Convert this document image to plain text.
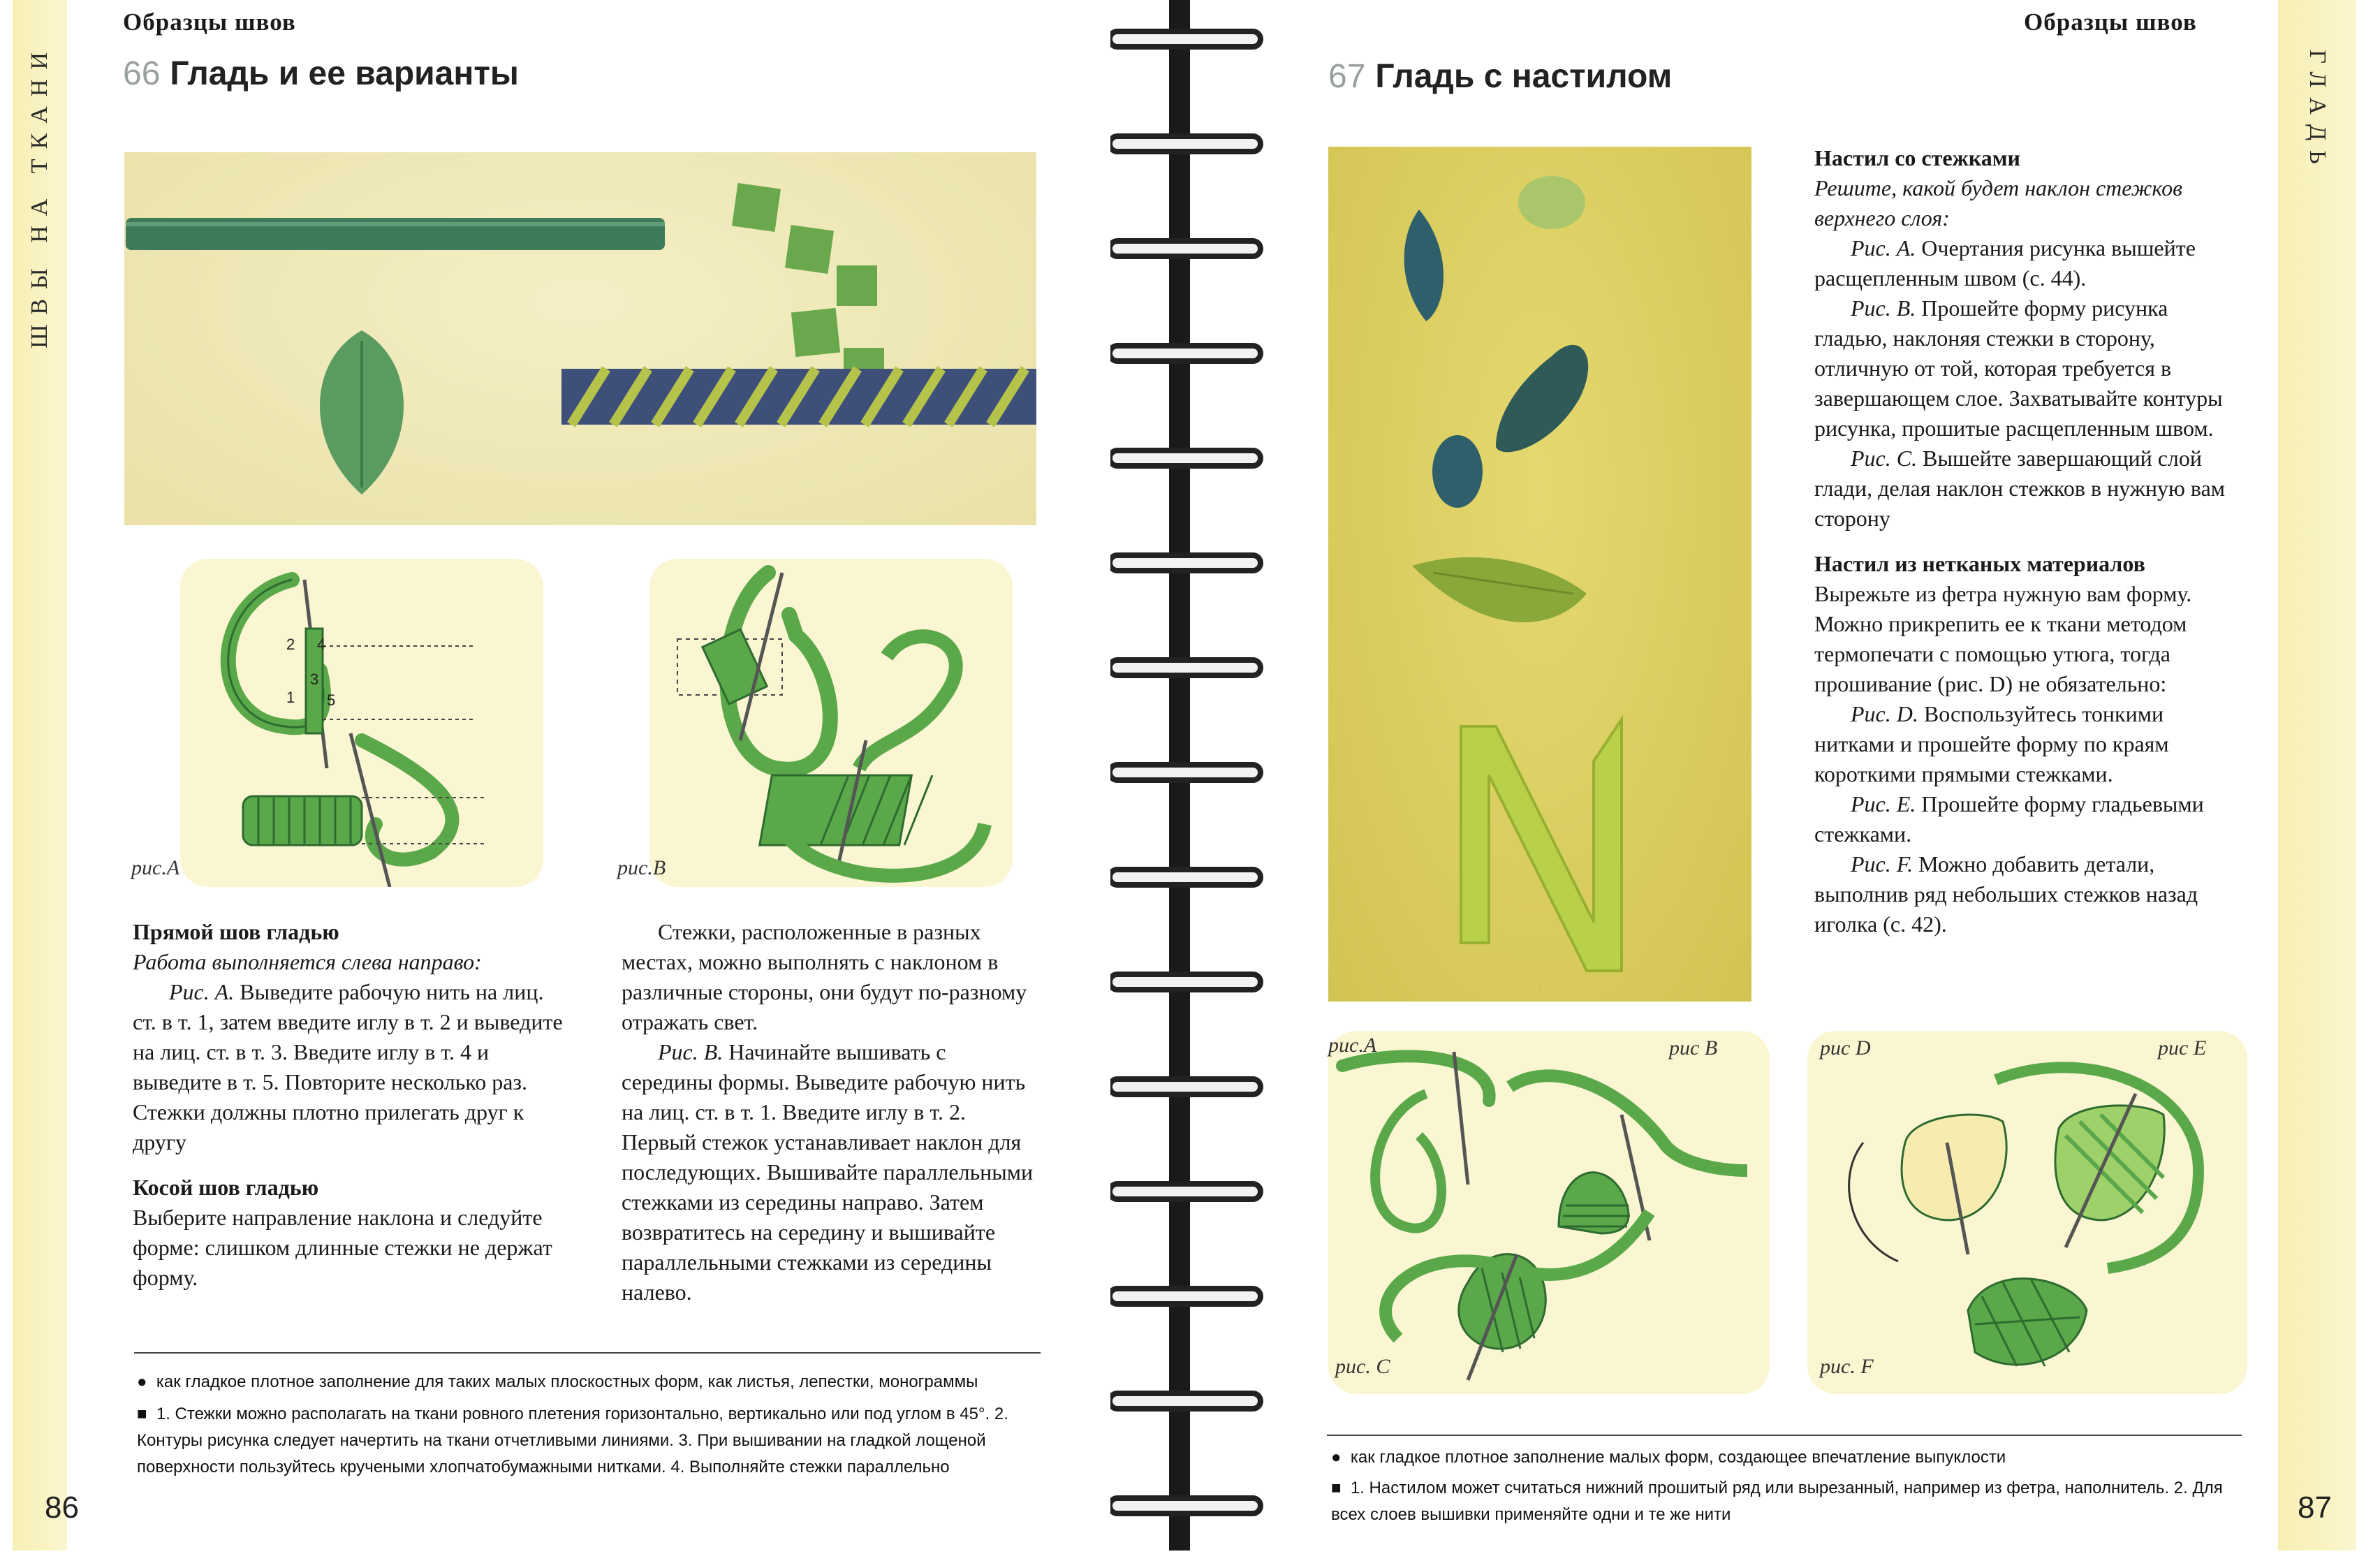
ШВЫ НА ТКАНИ
Образцы швов
66 Гладь и ее варианты
2 4
3
1 5
рис.А	рис.В

Прямой шов гладью

Работа выполняется слева направо:

Рис. А. Выведите рабочую нить на лиц. ст. в т. 1, затем введите иглу в т. 2 и выведите на лиц. ст. в т. 3. Введите иглу в т. 4 и выведите в т. 5. Повторите несколько раз. Стежки должны плотно прилегать друг к другу

Косой шов гладью

Выберите направление наклона и следуйте форме: слишком длинные стежки не держат форму.

Стежки, расположенные в разных местах, можно выполнять с наклоном в различные стороны, они будут по-разному отражать свет.

Рис. В. Начинайте вышивать с середины формы. Выведите рабочую нить на лиц. ст. в т. 1. Введите иглу в т. 2. Первый стежок устанавливает наклон для последующих. Вышивайте параллельными стежками из середины направо. Затем возвратитесь на середину и вышивайте параллельными стежками из середины налево.

● как гладкое плотное заполнение для таких малых плоскостных форм, как листья, лепестки, монограммы
■ 1. Стежки можно располагать на ткани ровного плетения горизонтально, вертикально или под углом в 45°. 2. Контуры рисунка следует начертить на ткани отчетливыми линиями. 3. При вышивании на гладкой лощеной поверхности пользуйтесь кручеными хлопчатобумажными нитками. 4. Выполняйте стежки параллельно
86
Образцы швов
67 Гладь с настилом	ГЛАДЬ
N

Настил со стежками

Решите, какой будет наклон стежков верхнего слоя:

Рис. А. Очертания рисунка вышейте расщепленным швом (с. 44).

Рис. В. Прошейте форму рисунка гладью, наклоняя стежки в сторону, отличную от той, которая требуется в завершающем слое. Захватывайте контуры рисунка, прошитые расщепленным швом.

Рис. С. Вышейте завершающий слой глади, делая наклон стежков в нужную вам сторону

Настил из нетканых материалов

Вырежьте из фетра нужную вам форму. Можно прикрепить ее к ткани методом термопечати с помощью утюга, тогда прошивание (рис. D) не обязательно:

Рис. D. Воспользуйтесь тонкими нитками и прошейте форму по краям короткими прямыми стежками.

Рис. Е. Прошейте форму гладьевыми стежками.

Рис. F. Можно добавить детали, выполнив ряд небольших стежков назад иголка (с. 42).

рис.А	рис В
рис. С
рис D	рис Е
рис. F
● как гладкое плотное заполнение малых форм, создающее впечатление выпуклости
■ 1. Настилом может считаться нижний прошитый ряд или вырезанный, например из фетра, наполнитель. 2. Для всех слоев вышивки применяйте одни и те же нити	87
